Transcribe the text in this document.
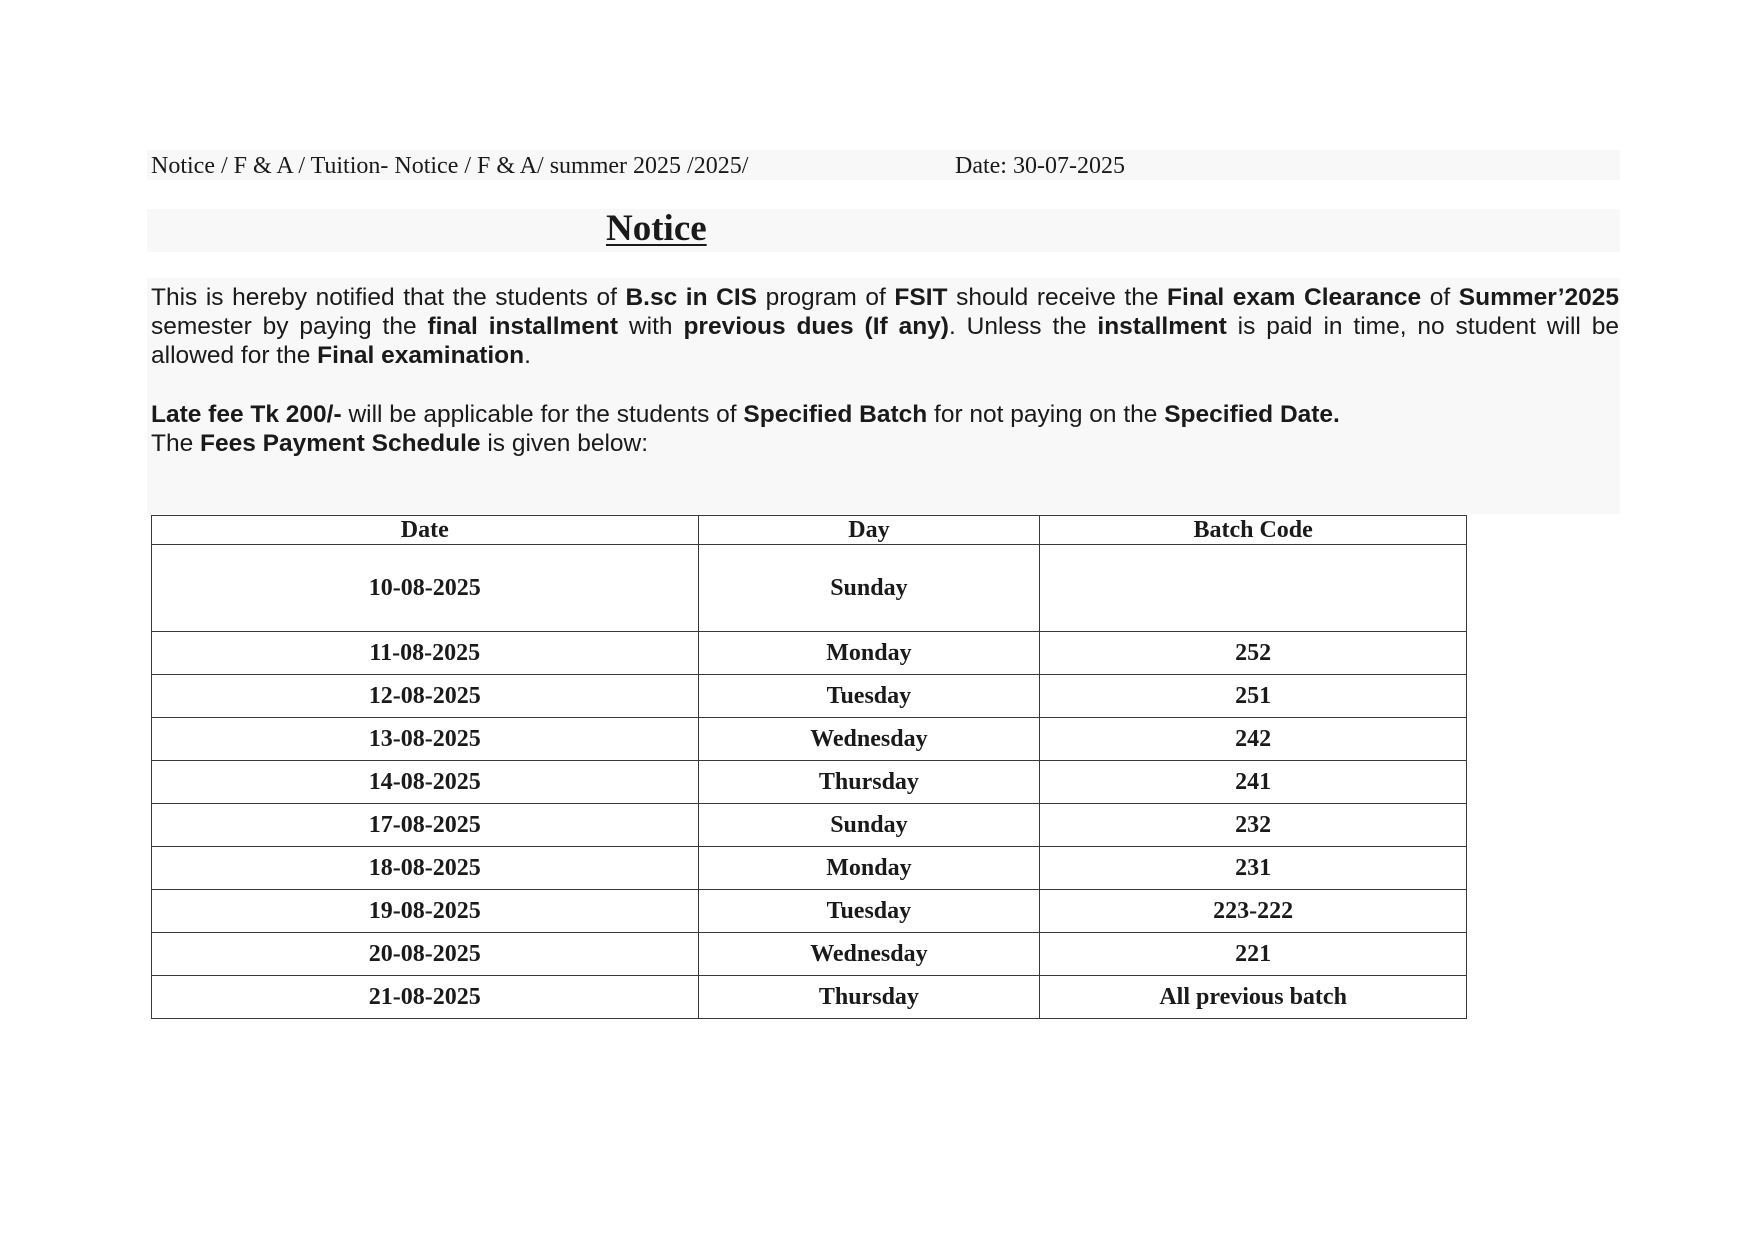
Notice / F & A / Tuition- Notice / F & A/ summer 2025 /2025/	Date: 30-07-2025
Notice
This is hereby notified that the students of B.sc in CIS program of FSIT should receive the Final exam Clearance of Summer’2025  semester by paying the final installment with previous dues (If any). Unless the installment is paid in time, no student will be allowed for the Final examination.
Late fee Tk 200/- will be applicable for the students of Specified Batch for not paying on the Specified Date.
The Fees Payment Schedule is given below:
Date	Day	Batch Code
10-08-2025	Sunday	
11-08-2025	Monday	252
12-08-2025	Tuesday	251
13-08-2025	Wednesday	242
14-08-2025	Thursday	241
17-08-2025	Sunday	232
18-08-2025	Monday	231
19-08-2025	Tuesday	223-222
20-08-2025	Wednesday	221
21-08-2025	Thursday	All previous batch
